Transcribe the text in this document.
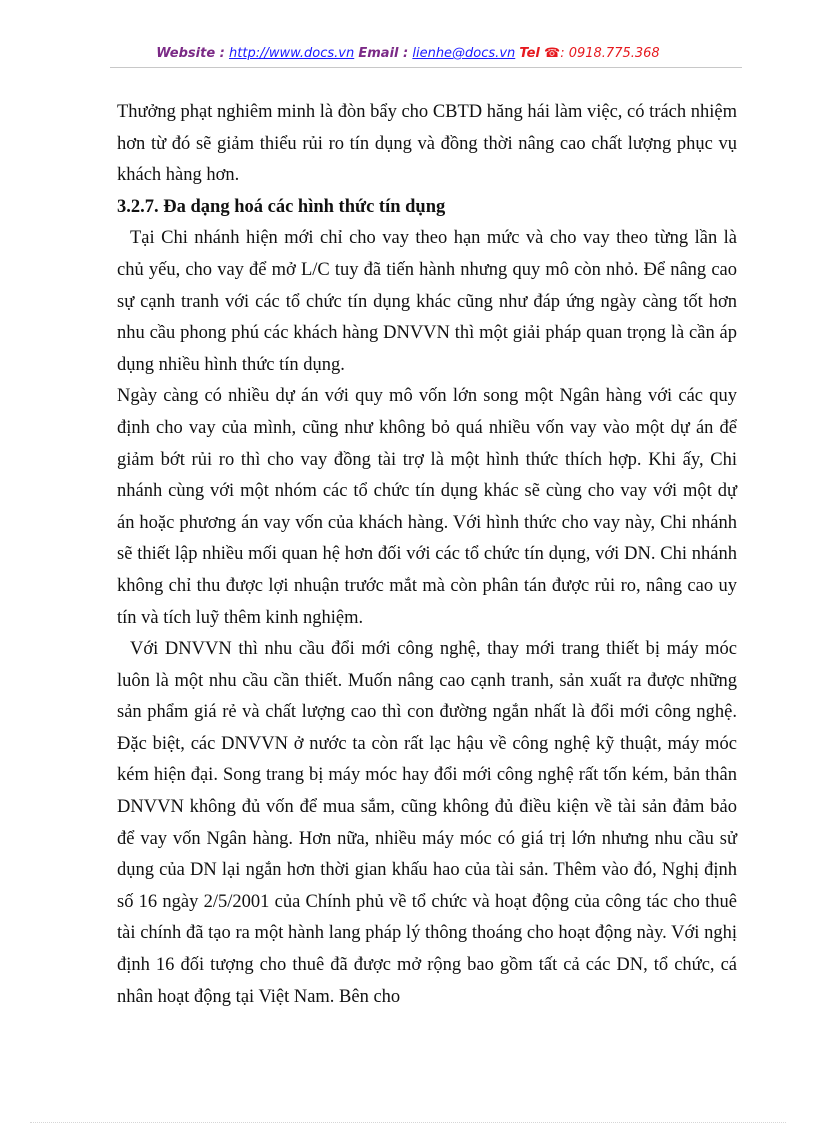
Website : http://www.docs.vn Email : lienhe@docs.vn Tel ☎: 0918.775.368

Thưởng phạt nghiêm minh là đòn bẩy cho CBTD hăng hái làm việc, có trách nhiệm hơn từ đó sẽ giảm thiểu rủi ro tín dụng và đồng thời nâng cao chất lượng phục vụ khách hàng hơn.

3.2.7. Đa dạng hoá các hình thức tín dụng

Tại Chi nhánh hiện mới chỉ cho vay theo hạn mức và cho vay theo từng lần là chủ yếu, cho vay để mở L/C tuy đã tiến hành nhưng quy mô còn nhỏ. Để nâng cao sự cạnh tranh với các tổ chức tín dụng khác cũng như đáp ứng ngày càng tốt hơn nhu cầu phong phú các khách hàng DNVVN thì một giải pháp quan trọng là cần áp dụng nhiều hình thức tín dụng.

Ngày càng có nhiều dự án với quy mô vốn lớn song một Ngân hàng với các quy định cho vay của mình, cũng như không bỏ quá nhiều vốn vay vào một dự án để giảm bớt rủi ro thì cho vay đồng tài trợ là một hình thức thích hợp. Khi ấy, Chi nhánh cùng với một nhóm các tổ chức tín dụng khác sẽ cùng cho vay với một dự án hoặc phương án vay vốn của khách hàng. Với hình thức cho vay này, Chi nhánh sẽ thiết lập nhiều mối quan hệ hơn đối với các tổ chức tín dụng, với DN. Chi nhánh không chỉ thu được lợi nhuận trước mắt mà còn phân tán được rủi ro, nâng cao uy tín và tích luỹ thêm kinh nghiệm.

Với DNVVN thì nhu cầu đổi mới công nghệ, thay mới trang thiết bị máy móc luôn là một nhu cầu cần thiết. Muốn nâng cao cạnh tranh, sản xuất ra được những sản phẩm giá rẻ và chất lượng cao thì con đường ngắn nhất là đổi mới công nghệ. Đặc biệt, các DNVVN ở nước ta còn rất lạc hậu về công nghệ kỹ thuật, máy móc kém hiện đại. Song trang bị máy móc hay đổi mới công nghệ rất tốn kém, bản thân DNVVN không đủ vốn để mua sắm, cũng không đủ điều kiện về tài sản đảm bảo để vay vốn Ngân hàng. Hơn nữa, nhiều máy móc có giá trị lớn nhưng nhu cầu sử dụng của DN lại ngắn hơn thời gian khấu hao của tài sản. Thêm vào đó, Nghị định số 16 ngày 2/5/2001 của Chính phủ về tổ chức và hoạt động của công tác cho thuê tài chính đã tạo ra một hành lang pháp lý thông thoáng cho hoạt động này. Với nghị định 16 đối tượng cho thuê đã được mở rộng bao gồm tất cả các DN, tổ chức, cá nhân hoạt động tại Việt Nam. Bên cho
